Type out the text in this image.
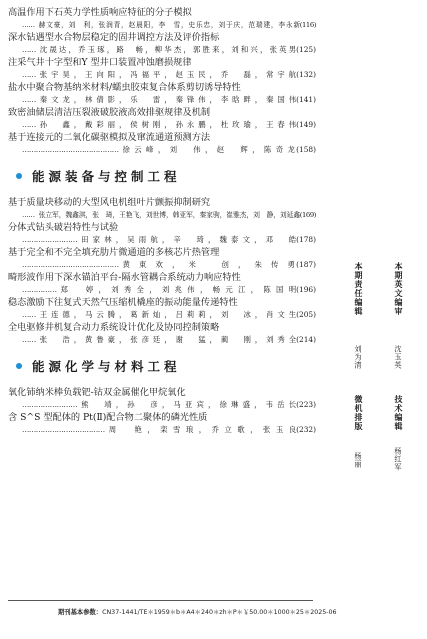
高温作用下石英力学性质响应特征的分子模拟
…… 赫文豪，刘　利，张润青，赵晨阳，李　雪，史乐忠，刘于庆，范瑞建，李永新 (116)
深水钻遇型水合物层稳定的固井调控方法及评价指标
…… 沈晟达，乔玉琢，路　畅，柳华杰，郭胜来，刘和兴，张英男 (125)
注采气井十字型和Y 型井口装置冲蚀磨损规律
…… 张宇昊，王向阳，冯福平，赵玉民，乔　磊，常宇航 (132)
盐水中聚合物基纳米材料/蠕虫胶束复合体系剪切诱导特性
…… 秦文龙，林倩影，乐　雷，秦锋伟，李晗畔，秦国伟 (141)
致密油储层清洁压裂液破胶液高效排驱规律及机制
…… 孙　鑫，戴彩丽，侯树刚，孙永鹏，杜玫瑜，王春伟 (149)
基于连接元的二氧化碳驱模拟及窜流通道预测方法
…………………………………… 徐云峰，刘　伟，赵　辉，陈奇龙 (158)
能源装备与控制工程
基于质量块移动的大型风电机组叶片颤振抑制研究
…… 张立军，魏鑫淇，张　琦，王艳飞，刘世博，韩亚军，秦家驹，崔雅杰，刘　静，刘延鑫 (169)
分体式钻头破岩特性与试验
…………………… 田家林，吴雨航，辛　琦，魏泰文，邓　皓 (178)
基于完全和不完全填充肋片微通道的多核芯片热管理
…………………………………… 黄東欢，米　创，朱传勇 (187)
畸形波作用下深水锚泊平台-隔水管耦合系统动力响应特性
…………… 郑　婷，刘秀全，刘兆伟，畅元江，陈国明 (196)
稳态激励下往复式天然气压缩机橇座的振动能量传递特性
…… 王连德，马云腾，葛新灿，吕莉莉，刘　冰，肖文生 (205)
全电驱修井机复合动力系统设计优化及协同控制策略
…… 张　浩，黄鲁豪，张彦廷，谢　猛，蔺　刚，刘秀全 (214)
能源化学与材料工程
氧化铈纳米棒负载钯-钴双金属催化甲烷氧化
…………………… 熊　靖，孙　彦，马亚宾，徐琳盛，韦岳长 (223)
含 S^S 型配体的 Pt(Ⅱ)配合物二聚体的磷光性质
……………………………… 周　艳，栾雪琅，乔立歌，张玉良 (232)
本期英文编审
沈玉英
本期责任编辑
刘为清
技术编辑
杨红军
微机排版
杨丽
期刊基本参数：CN37-1441/TE＊1959＊b＊A4＊240＊zh＊P＊￥50.00＊1000＊25＊2025-06
